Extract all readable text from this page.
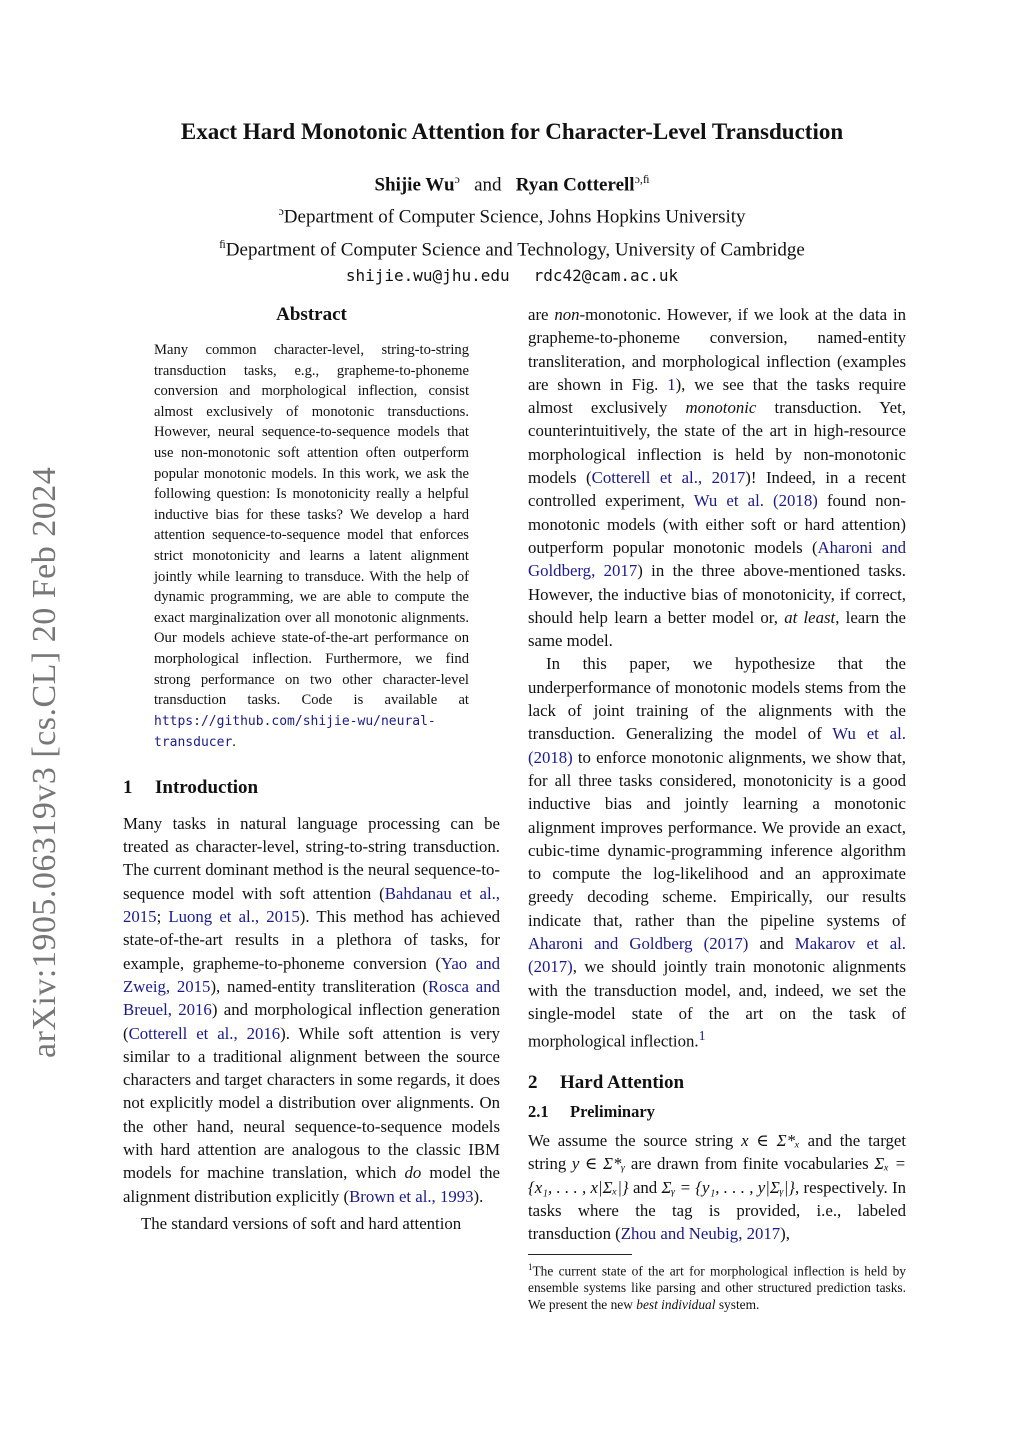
arXiv:1905.06319v3 [cs.CL] 20 Feb 2024
Exact Hard Monotonic Attention for Character-Level Transduction
Shijie $Wu^ɔ$ and Ryan Cotterell$^{ɔ,ﬁ}$
$^ɔ$Department of Computer Science, Johns Hopkins University
$^ﬁ$Department of Computer Science and Technology, University of Cambridge
shijie.wu@jhu.edu rdc42@cam.ac.uk
Abstract

Many common character-level, string-to-string transduction tasks, e.g., grapheme-to-phoneme conversion and morphological inflection, consist almost exclusively of monotonic transductions. However, neural sequence-to-sequence models that use non-monotonic soft attention often outperform popular monotonic models. In this work, we ask the following question: Is monotonicity really a helpful inductive bias for these tasks? We develop a hard attention sequence-to-sequence model that enforces strict monotonicity and learns a latent alignment jointly while learning to transduce. With the help of dynamic programming, we are able to compute the exact marginalization over all monotonic alignments. Our models achieve state-of-the-art performance on morphological inflection. Furthermore, we find strong performance on two other character-level transduction tasks. Code is available at https://github.com/shijie-wu/neural-transducer.

1 Introduction

Many tasks in natural language processing can be treated as character-level, string-to-string transduction. The current dominant method is the neural sequence-to-sequence model with soft attention (Bahdanau et al., 2015; Luong et al., 2015). This method has achieved state-of-the-art results in a plethora of tasks, for example, grapheme-to-phoneme conversion (Yao and Zweig, 2015), named-entity transliteration (Rosca and Breuel, 2016) and morphological inflection generation (Cotterell et al., 2016). While soft attention is very similar to a traditional alignment between the source characters and target characters in some regards, it does not explicitly model a distribution over alignments. On the other hand, neural sequence-to-sequence models with hard attention are analogous to the classic IBM models for machine translation, which do model the alignment distribution explicitly (Brown et al., 1993).

The standard versions of soft and hard attention

are non-monotonic. However, if we look at the data in grapheme-to-phoneme conversion, named-entity transliteration, and morphological inflection (examples are shown in Fig. 1), we see that the tasks require almost exclusively monotonic transduction. Yet, counterintuitively, the state of the art in high-resource morphological inflection is held by non-monotonic models (Cotterell et al., 2017)! Indeed, in a recent controlled experiment, Wu et al. (2018) found non-monotonic models (with either soft or hard attention) outperform popular monotonic models (Aharoni and Goldberg, 2017) in the three above-mentioned tasks. However, the inductive bias of monotonicity, if correct, should help learn a better model or, at least, learn the same model.

In this paper, we hypothesize that the underperformance of monotonic models stems from the lack of joint training of the alignments with the transduction. Generalizing the model of Wu et al. (2018) to enforce monotonic alignments, we show that, for all three tasks considered, monotonicity is a good inductive bias and jointly learning a monotonic alignment improves performance. We provide an exact, cubic-time dynamic-programming inference algorithm to compute the log-likelihood and an approximate greedy decoding scheme. Empirically, our results indicate that, rather than the pipeline systems of Aharoni and Goldberg (2017) and Makarov et al. (2017), we should jointly train monotonic alignments with the transduction model, and, indeed, we set the single-model state of the art on the task of morphological inflection.$^1$

2 Hard Attention
2.1 Preliminary

We assume the source string x ∈ Σ*ₓ and the target string y ∈ Σ*ᵧ are drawn from finite vocabularies Σₓ = {x₁, . . . , x|Σₓ|} and Σᵧ = {y₁, . . . , y|Σᵧ|}, respectively. In tasks where the tag is provided, i.e., labeled transduction (Zhou and Neubig, 2017),

$^1$The current state of the art for morphological inflection is held by ensemble systems like parsing and other structured prediction tasks. We present the new best individual system.
